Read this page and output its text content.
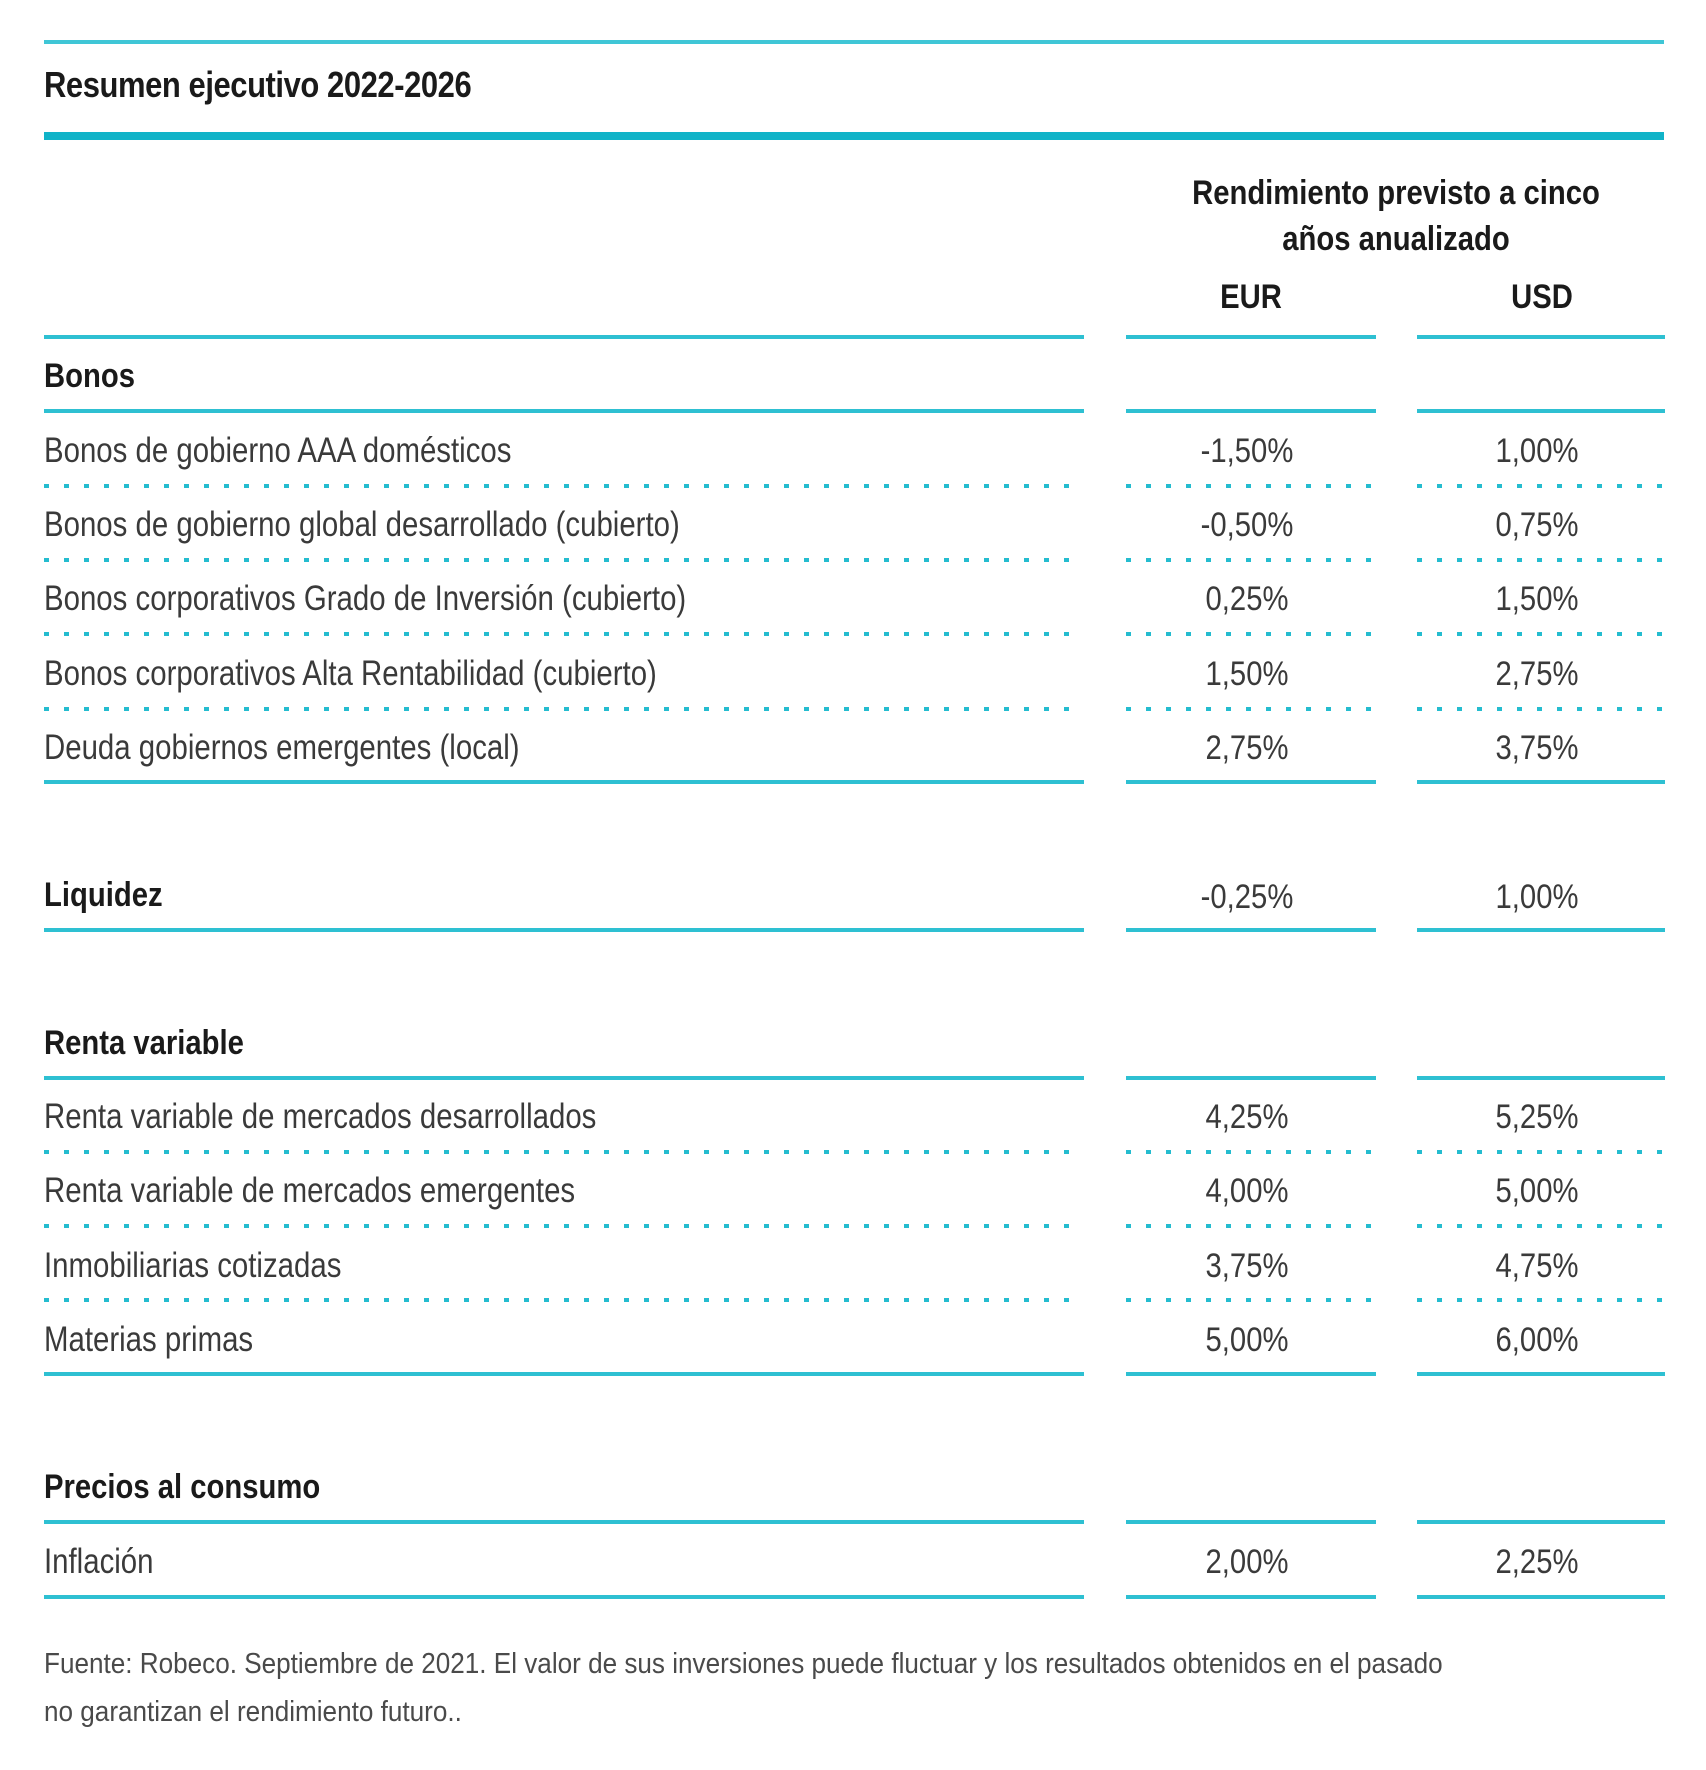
Resumen ejecutivo 2022-2026
Rendimiento previsto a cinco años anualizado
EUR	USD
Bonos
Bonos de gobierno AAA domésticos	-1,50%	1,00%
Bonos de gobierno global desarrollado (cubierto)	-0,50%	0,75%
Bonos corporativos Grado de Inversión (cubierto)	0,25%	1,50%
Bonos corporativos Alta Rentabilidad (cubierto)	1,50%	2,75%
Deuda gobiernos emergentes (local)	2,75%	3,75%
Liquidez	-0,25%	1,00%
Renta variable
Renta variable de mercados desarrollados	4,25%	5,25%
Renta variable de mercados emergentes	4,00%	5,00%
Inmobiliarias cotizadas	3,75%	4,75%
Materias primas	5,00%	6,00%
Precios al consumo
Inflación	2,00%	2,25%
Fuente: Robeco. Septiembre de 2021. El valor de sus inversiones puede fluctuar y los resultados obtenidos en el pasado no garantizan el rendimiento futuro..
